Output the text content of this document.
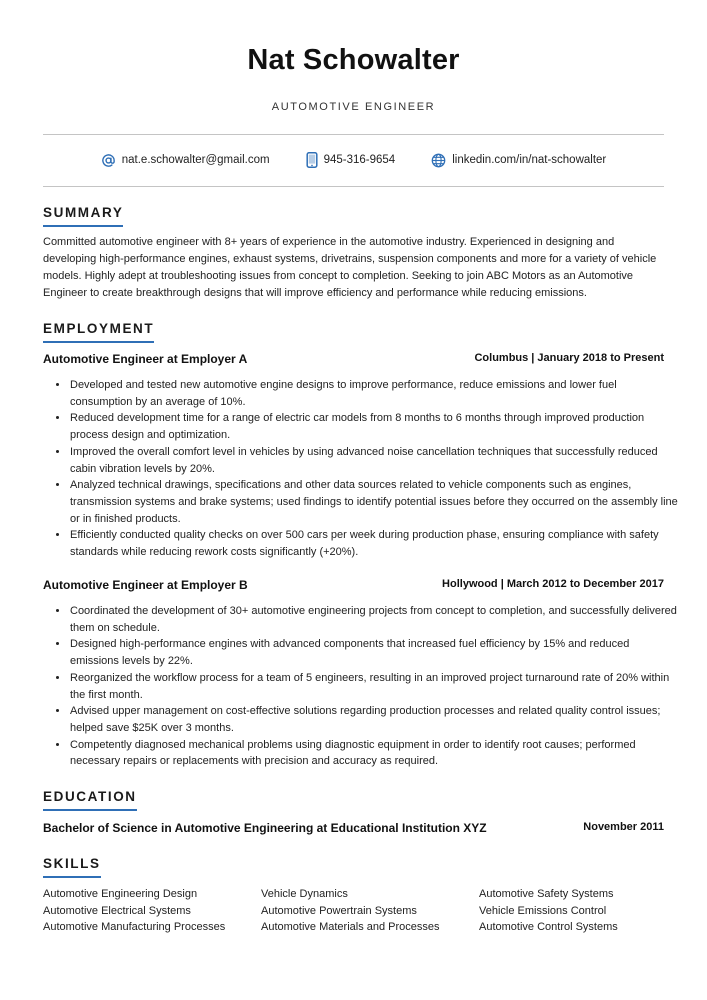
Nat Schowalter
AUTOMOTIVE ENGINEER
nat.e.schowalter@gmail.com	945-316-9654	linkedin.com/in/nat-schowalter
SUMMARY

Committed automotive engineer with 8+ years of experience in the automotive industry. Experienced in designing and developing high-performance engines, exhaust systems, drivetrains, suspension components and more for a variety of vehicle models. Highly adept at troubleshooting issues from concept to completion. Seeking to join ABC Motors as an Automotive Engineer to create breakthrough designs that will improve efficiency and performance while reducing emissions.

EMPLOYMENT
Automotive Engineer at Employer A	Columbus | January 2018 to Present
• Developed and tested new automotive engine designs to improve performance, reduce emissions and lower fuel consumption by an average of 10%.
• Reduced development time for a range of electric car models from 8 months to 6 months through improved production process design and optimization.
• Improved the overall comfort level in vehicles by using advanced noise cancellation techniques that successfully reduced cabin vibration levels by 20%.
• Analyzed technical drawings, specifications and other data sources related to vehicle components such as engines, transmission systems and brake systems; used findings to identify potential issues before they occurred on the assembly line or in finished products.
• Efficiently conducted quality checks on over 500 cars per week during production phase, ensuring compliance with safety standards while reducing rework costs significantly (+20%).
Automotive Engineer at Employer B	Hollywood | March 2012 to December 2017
• Coordinated the development of 30+ automotive engineering projects from concept to completion, and successfully delivered them on schedule.
• Designed high-performance engines with advanced components that increased fuel efficiency by 15% and reduced emissions levels by 22%.
• Reorganized the workflow process for a team of 5 engineers, resulting in an improved project turnaround rate of 20% within the first month.
• Advised upper management on cost-effective solutions regarding production processes and related quality control issues; helped save $25K over 3 months.
• Competently diagnosed mechanical problems using diagnostic equipment in order to identify root causes; performed necessary repairs or replacements with precision and accuracy as required.
EDUCATION
Bachelor of Science in Automotive Engineering at Educational Institution XYZ	November 2011
SKILLS
Automotive Engineering Design	Vehicle Dynamics	Automotive Safety Systems
Automotive Electrical Systems	Automotive Powertrain Systems	Vehicle Emissions Control
Automotive Manufacturing Processes	Automotive Materials and Processes	Automotive Control Systems
